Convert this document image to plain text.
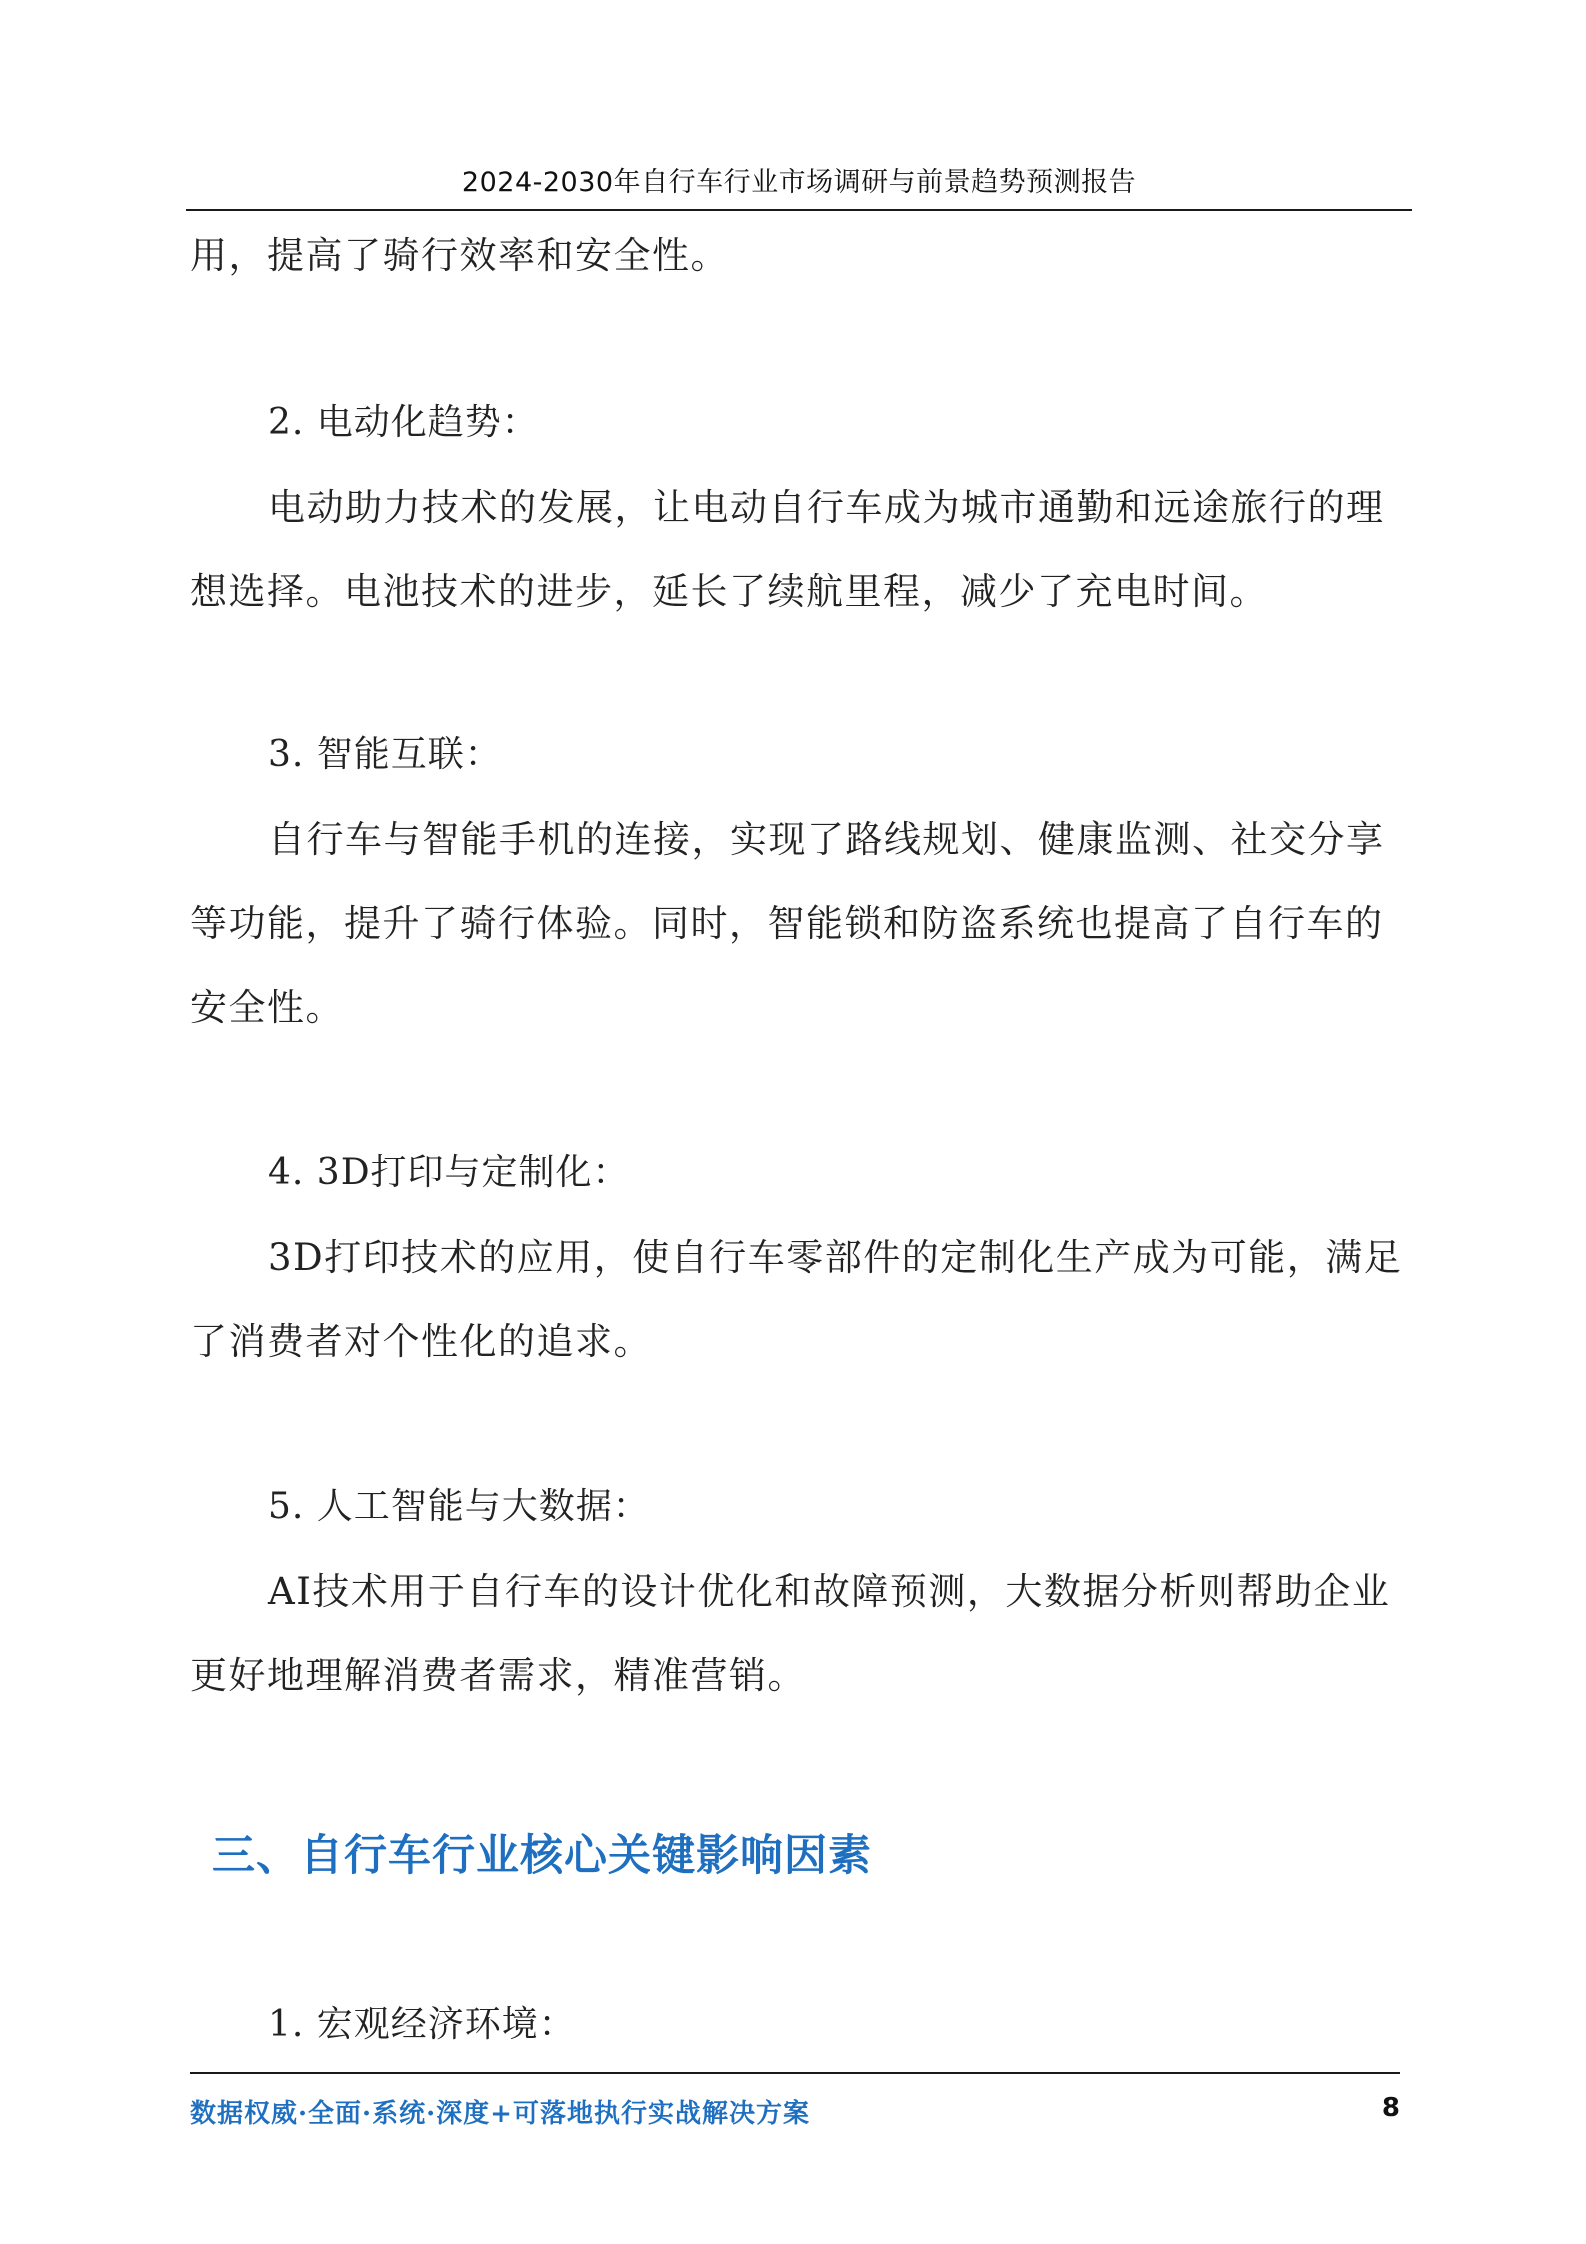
2024-2030年自行车行业市场调研与前景趋势预测报告

用，提高了骑行效率和安全性。

2. 电动化趋势：

电动助力技术的发展，让电动自行车成为城市通勤和远途旅行的理想选择。电池技术的进步，延长了续航里程，减少了充电时间。

3. 智能互联：

自行车与智能手机的连接，实现了路线规划、健康监测、社交分享等功能，提升了骑行体验。同时，智能锁和防盗系统也提高了自行车的安全性。

4. 3D打印与定制化：

3D打印技术的应用，使自行车零部件的定制化生产成为可能，满足了消费者对个性化的追求。

5. 人工智能与大数据：

AI技术用于自行车的设计优化和故障预测，大数据分析则帮助企业更好地理解消费者需求，精准营销。

三、自行车行业核心关键影响因素

1. 宏观经济环境：

数据权威·全面·系统·深度+可落地执行实战解决方案	8
